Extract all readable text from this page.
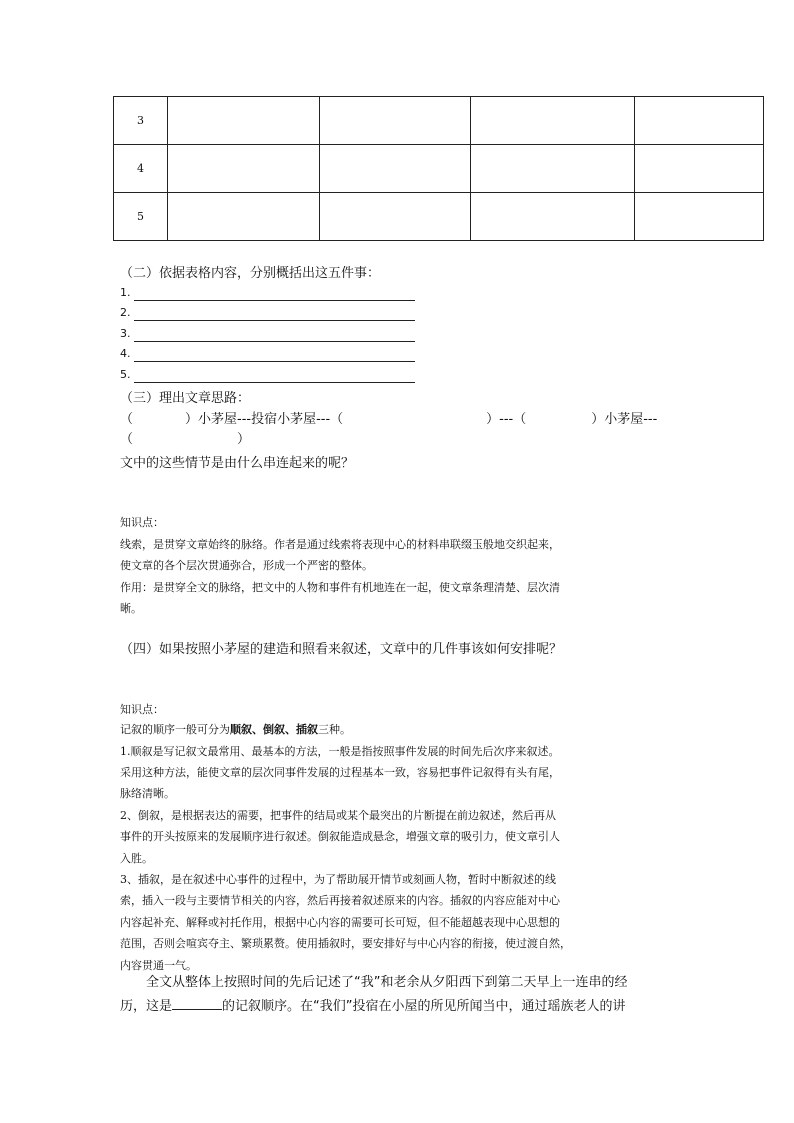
3				
4				
5				
（二）依据表格内容，分别概括出这五件事：
1.
2.
3.
4.
5.
（三）理出文章思路：
（　　　　）小茅屋---投宿小茅屋---（　　　　　　　　　　　）---（　　　　　）小茅屋---
（　　　　　　　　）
文中的这些情节是由什么串连起来的呢？
知识点：
线索，是贯穿文章始终的脉络。作者是通过线索将表现中心的材料串联缀玉般地交织起来，
使文章的各个层次贯通弥合，形成一个严密的整体。
作用：是贯穿全文的脉络，把文中的人物和事件有机地连在一起，使文章条理清楚、层次清
晰。
（四）如果按照小茅屋的建造和照看来叙述，文章中的几件事该如何安排呢？
知识点：
记叙的顺序一般可分为顺叙、倒叙、插叙三种。
1.顺叙是写记叙文最常用、最基本的方法，一般是指按照事件发展的时间先后次序来叙述。
采用这种方法，能使文章的层次同事件发展的过程基本一致，容易把事件记叙得有头有尾，
脉络清晰。
2、倒叙，是根据表达的需要，把事件的结局或某个最突出的片断提在前边叙述，然后再从
事件的开头按原来的发展顺序进行叙述。倒叙能造成悬念，增强文章的吸引力，使文章引人
入胜。
3、插叙，是在叙述中心事件的过程中，为了帮助展开情节或刻画人物，暂时中断叙述的线
索，插入一段与主要情节相关的内容，然后再接着叙述原来的内容。插叙的内容应能对中心
内容起补充、解释或衬托作用，根据中心内容的需要可长可短，但不能超越表现中心思想的
范围，否则会喧宾夺主、繁琐累赘。使用插叙时，要安排好与中心内容的衔接，使过渡自然，
内容贯通一气。
全文从整体上按照时间的先后记述了“我”和老余从夕阳西下到第二天早上一连串的经
历，这是	的记叙顺序。在“我们”投宿在小屋的所见所闻当中，通过瑶族老人的讲
